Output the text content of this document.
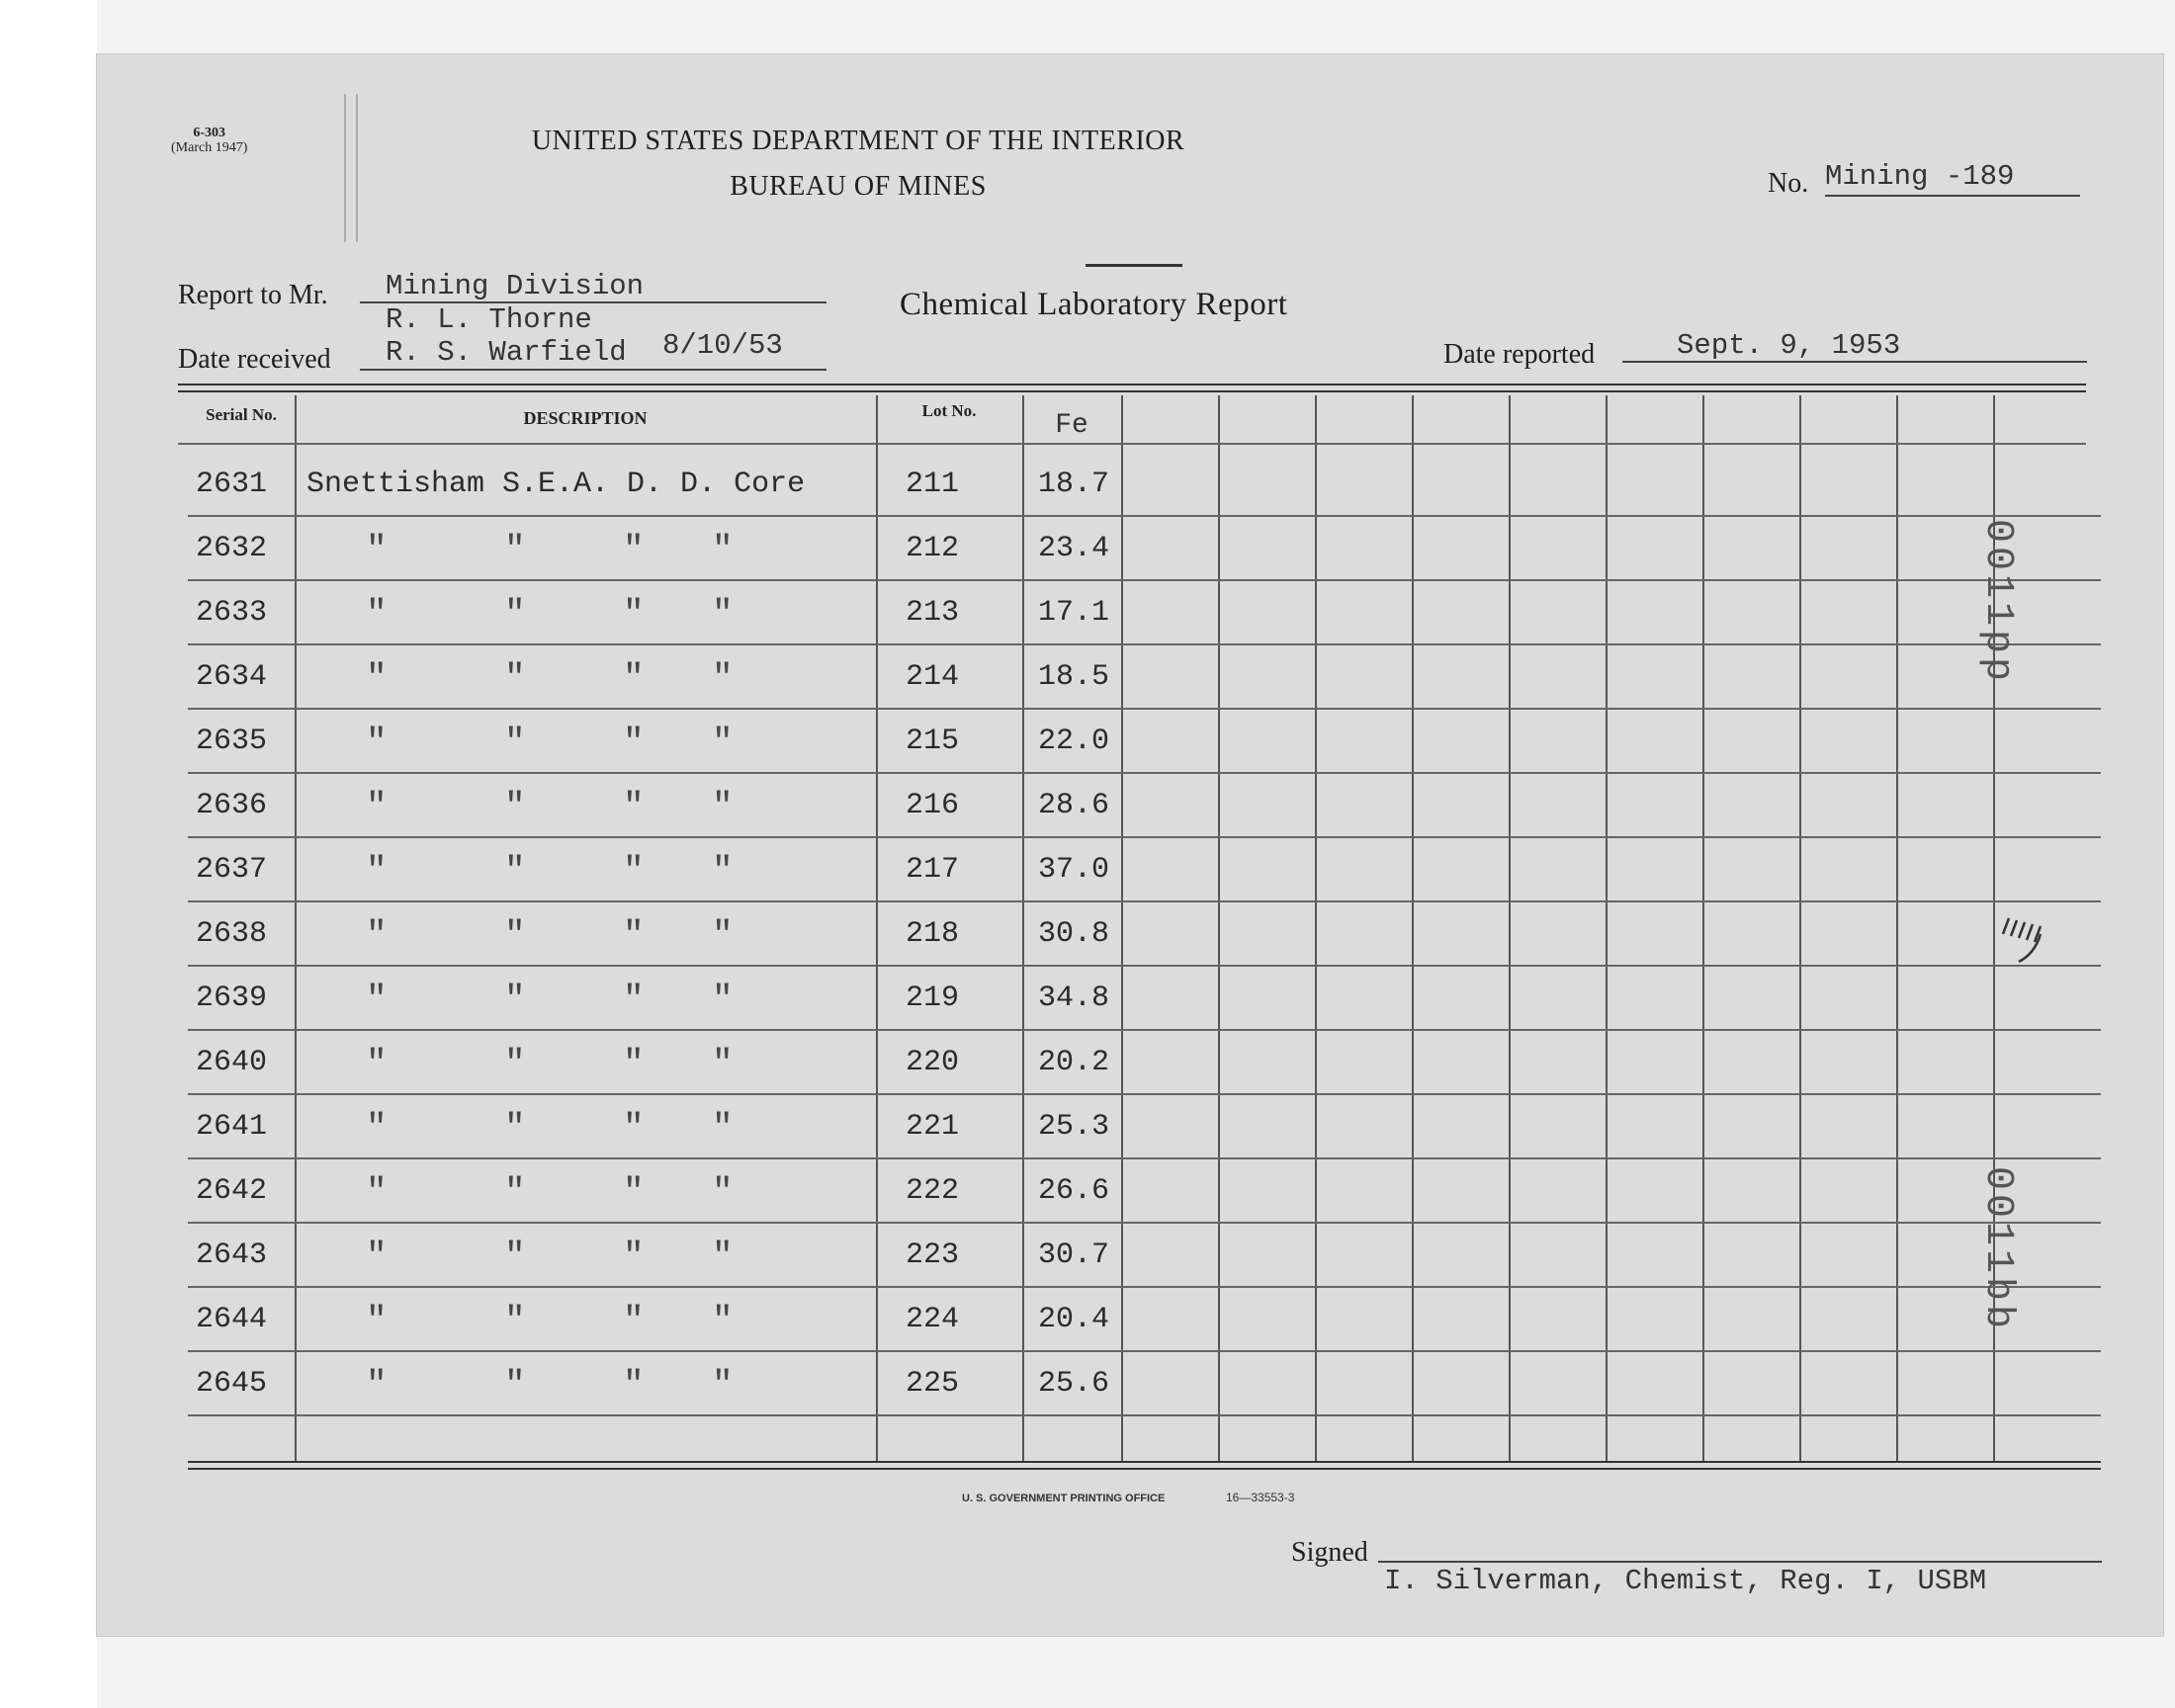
6-303
(March 1947)	UNITED STATES DEPARTMENT OF THE INTERIOR
BUREAU OF MINES	No. Mining -189
Report to Mr. Mining Division
R. L. Thorne	Chemical Laboratory Report
Date received R. S. Warfield 8/10/53	Date reported	Sept. 9, 1953
Serial No.	DESCRIPTION	Lot No.	Fe
2631 Snettisham S.E.A. D. D. Core	211	18.7
2632	"	"	" "	212	23.4
2633	"	"	" "	213	17.1
2634	"	"	" "	214	18.5
2635	"	"	" "	215	22.0
2636	"	"	" "	216	28.6
2637	"	"	" "	217	37.0
2638	"	"	" "	218	30.8
2639	"	"	" "	219	34.8
2640	"	"	" "	220	20.2
2641	"	"	" "	221	25.3
2642	"	"	" "	222	26.6
2643	"	"	" "	223	30.7
2644	"	"	" "	224	20.4
2645	"	"	" "	225	25.6
U. S. GOVERNMENT PRINTING OFFICE	16—33553-3
Signed
I. Silverman, Chemist, Reg. I, USBM
0011pp
0011bb
